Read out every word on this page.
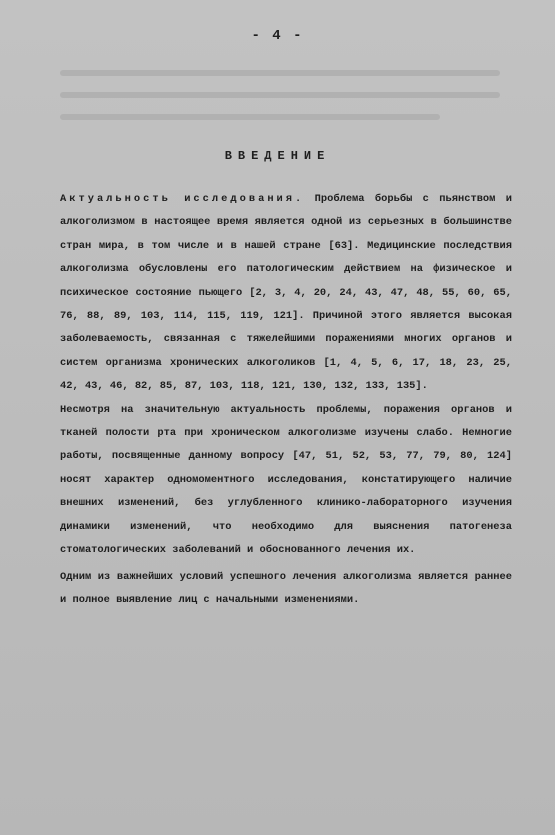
- 4 -
ВВЕДЕНИЕ

Актуальность исследования. Проблема борьбы с пьянством и алкоголизмом в настоящее время является одной из серьезных в большинстве стран мира, в том числе и в нашей стране [63]. Медицинские последствия алкоголизма обусловлены его патологическим действием на физическое и психическое состояние пьющего [2, 3, 4, 20, 24, 43, 47, 48, 55, 60, 65, 76, 88, 89, 103, 114, 115, 119, 121]. Причиной этого является высокая заболеваемость, связанная с тяжелейшими поражениями многих органов и систем организма хронических алкоголиков [1, 4, 5, 6, 17, 18, 23, 25, 42, 43, 46, 82, 85, 87, 103, 118, 121, 130, 132, 133, 135].

Несмотря на значительную актуальность проблемы, поражения органов и тканей полости рта при хроническом алкоголизме изучены слабо. Немногие работы, посвященные данному вопросу [47, 51, 52, 53, 77, 79, 80, 124] носят характер одномоментного исследования, констатирующего наличие внешних изменений, без углубленного клинико-лабораторного изучения динамики изменений, что необходимо для выяснения патогенеза стоматологических заболеваний и обоснованного лечения их.

Одним из важнейших условий успешного лечения алкоголизма является раннее и полное выявление лиц с начальными изменениями.
